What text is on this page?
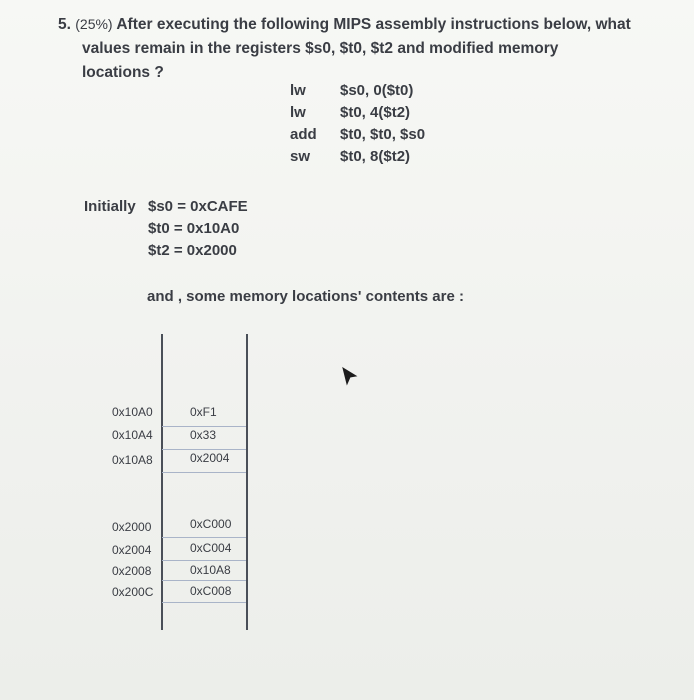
5. (25%) After executing the following MIPS assembly instructions below, what
values remain in the registers $s0, $t0, $t2 and modified memory
locations ?
lw	$s0, 0($t0)
lw	$t0, 4($t2)
add	$t0, $t0, $s0
sw	$t0, 8($t2)
Initially $s0 = 0xCAFE
$t0 = 0x10A0
$t2 = 0x2000
and , some memory locations' contents are :
0x10A0	0xF1
0x10A4	0x33
0x10A8	0x2004
0x2000	0xC000
0x2004	0xC004
0x2008	0x10A8
0x200C	0xC008
